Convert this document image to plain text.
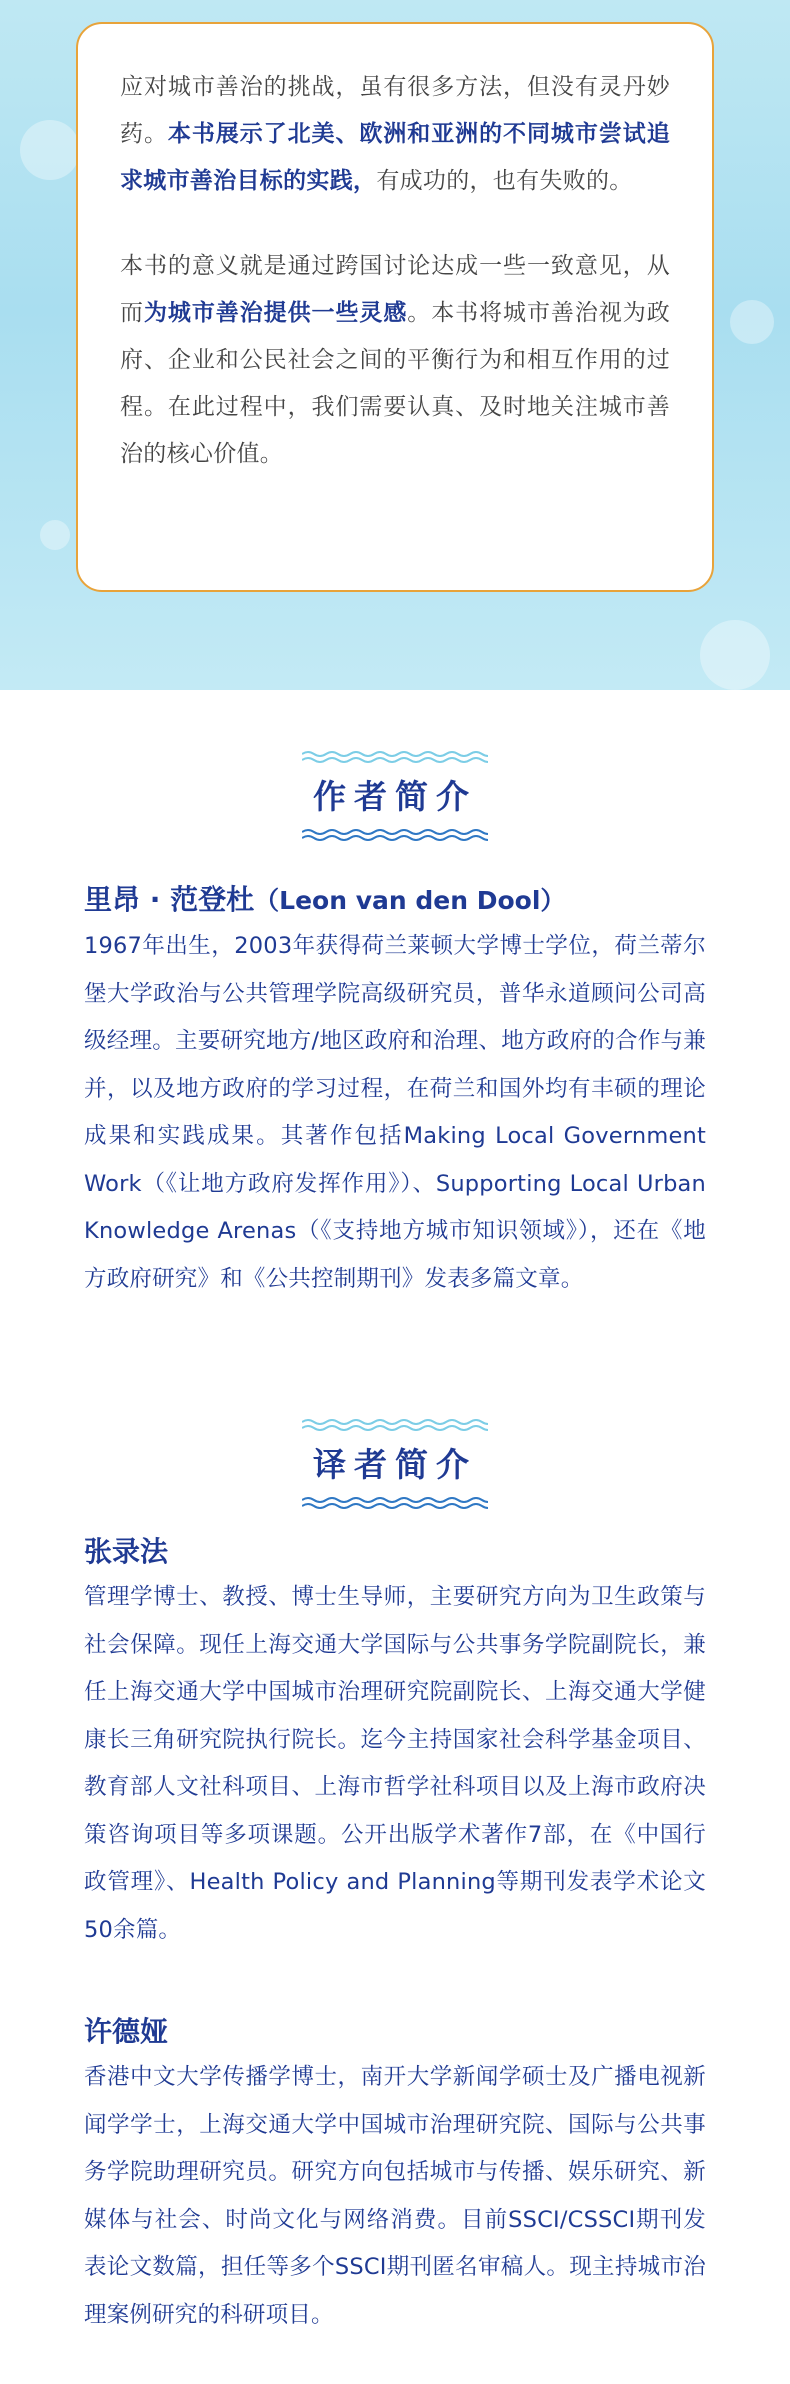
应对城市善治的挑战，虽有很多方法，但没有灵丹妙药。本书展示了北美、欧洲和亚洲的不同城市尝试追求城市善治目标的实践，有成功的，也有失败的。

本书的意义就是通过跨国讨论达成一些一致意见，从而为城市善治提供一些灵感。本书将城市善治视为政府、企业和公民社会之间的平衡行为和相互作用的过程。在此过程中，我们需要认真、及时地关注城市善治的核心价值。

作者简介
里昂 · 范登杜（Leon van den Dool）
1967年出生，2003年获得荷兰莱顿大学博士学位，荷兰蒂尔堡大学政治与公共管理学院高级研究员，普华永道顾问公司高级经理。主要研究地方/地区政府和治理、地方政府的合作与兼并，以及地方政府的学习过程，在荷兰和国外均有丰硕的理论成果和实践成果。其著作包括Making Local Government Work（《让地方政府发挥作用》）、Supporting Local Urban Knowledge Arenas（《支持地方城市知识领域》），还在《地方政府研究》和《公共控制期刊》发表多篇文章。
译者简介
张录法
管理学博士、教授、博士生导师，主要研究方向为卫生政策与社会保障。现任上海交通大学国际与公共事务学院副院长，兼任上海交通大学中国城市治理研究院副院长、上海交通大学健康长三角研究院执行院长。迄今主持国家社会科学基金项目、教育部人文社科项目、上海市哲学社科项目以及上海市政府决策咨询项目等多项课题。公开出版学术著作7部，在《中国行政管理》、Health Policy and Planning等期刊发表学术论文50余篇。
许德娅
香港中文大学传播学博士，南开大学新闻学硕士及广播电视新闻学学士，上海交通大学中国城市治理研究院、国际与公共事务学院助理研究员。研究方向包括城市与传播、娱乐研究、新媒体与社会、时尚文化与网络消费。目前SSCI/CSSCI期刊发表论文数篇，担任等多个SSCI期刊匿名审稿人。现主持城市治理案例研究的科研项目。
